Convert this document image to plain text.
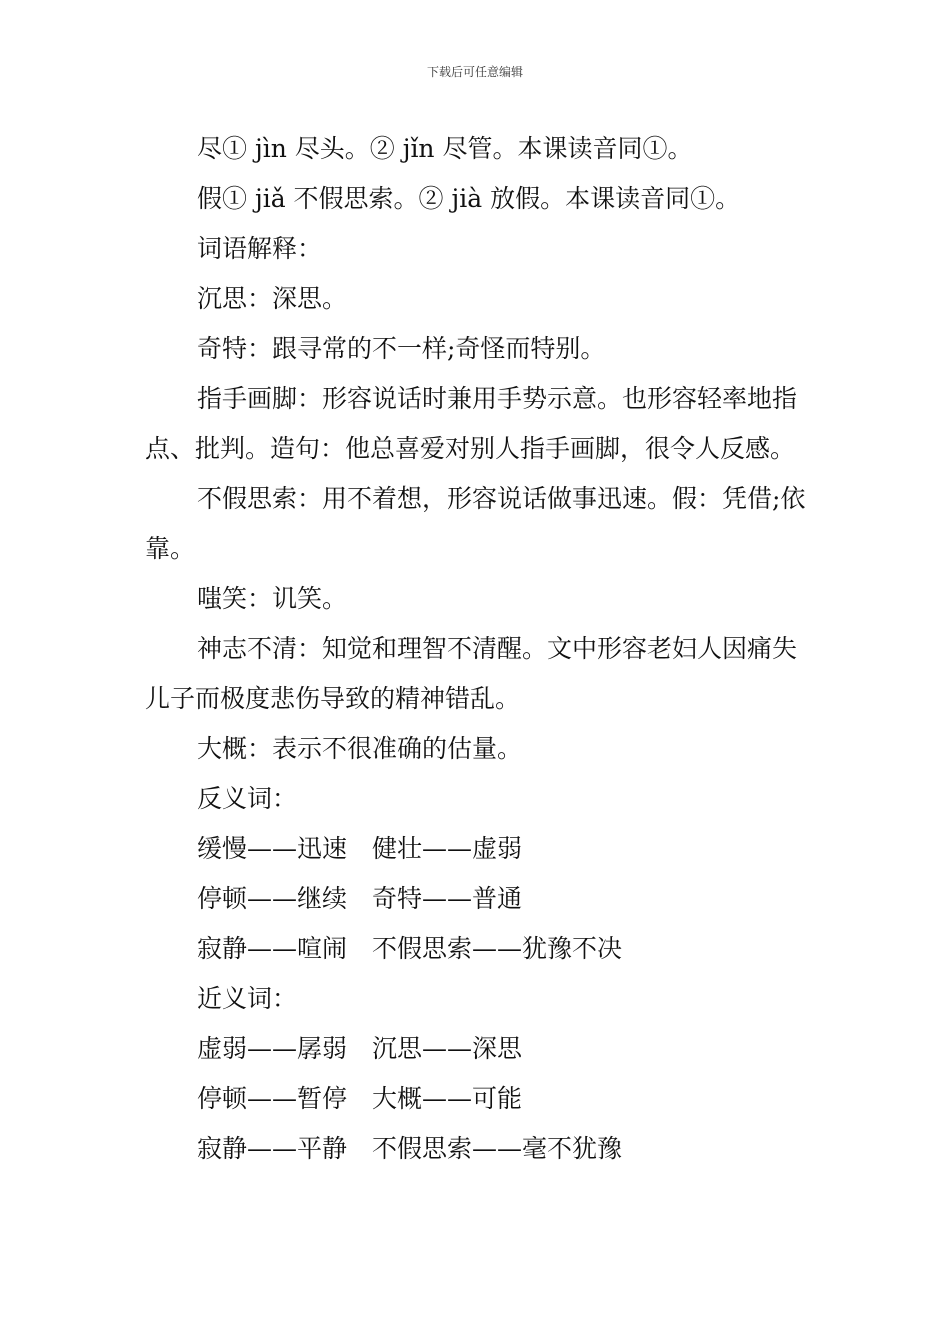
下载后可任意编辑

尽① jìn 尽头。② jǐn 尽管。本课读音同①。

假① jiǎ 不假思索。② jià 放假。本课读音同①。

词语解释：

沉思：深思。

奇特：跟寻常的不一样;奇怪而特别。

指手画脚：形容说话时兼用手势示意。也形容轻率地指点、批判。造句：他总喜爱对别人指手画脚，很令人反感。

不假思索：用不着想，形容说话做事迅速。假：凭借;依靠。

嗤笑：讥笑。

神志不清：知觉和理智不清醒。文中形容老妇人因痛失儿子而极度悲伤导致的精神错乱。

大概：表示不很准确的估量。

反义词：

缓慢——迅速　健壮——虚弱

停顿——继续　奇特——普通

寂静——喧闹　不假思索——犹豫不决

近义词：

虚弱——孱弱　沉思——深思

停顿——暂停　大概——可能

寂静——平静　不假思索——毫不犹豫
